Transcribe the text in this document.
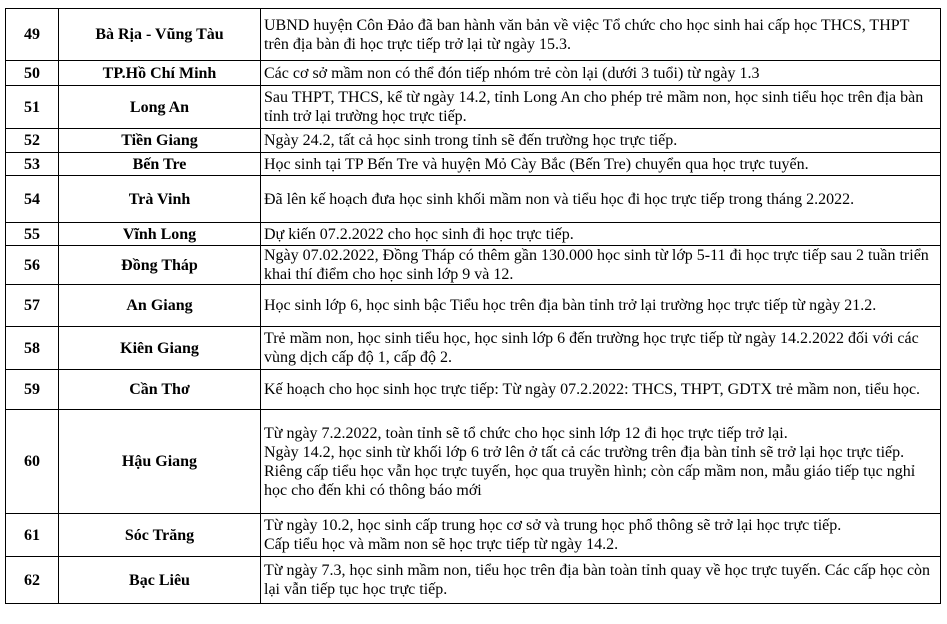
49	Bà Rịa - Vũng Tàu	UBND huyện Côn Đảo đã ban hành văn bản về việc Tổ chức cho học sinh hai cấp học THCS, THPT trên địa bàn đi học trực tiếp trở lại từ ngày 15.3.

50	TP.Hồ Chí Minh	Các cơ sở mầm non có thể đón tiếp nhóm trẻ còn lại (dưới 3 tuổi) từ ngày 1.3

51	Long An	Sau THPT, THCS, kể từ ngày 14.2, tỉnh Long An cho phép trẻ mầm non, học sinh tiểu học trên địa bàn tỉnh trở lại trường học trực tiếp.

52	Tiền Giang	Ngày 24.2, tất cả học sinh trong tỉnh sẽ đến trường học trực tiếp.

53	Bến Tre	Học sinh tại TP Bến Tre và huyện Mỏ Cày Bắc (Bến Tre) chuyển qua học trực tuyến.

54	Trà Vinh	Đã lên kế hoạch đưa học sinh khối mầm non và tiểu học đi học trực tiếp trong tháng 2.2022.

55	Vĩnh Long	Dự kiến 07.2.2022 cho học sinh đi học trực tiếp.

56	Đồng Tháp	Ngày 07.02.2022, Đồng Tháp có thêm gần 130.000 học sinh từ lớp 5-11 đi học trực tiếp sau 2 tuần triển khai thí điểm cho học sinh lớp 9 và 12.

57	An Giang	Học sinh lớp 6, học sinh bậc Tiểu học trên địa bàn tỉnh trở lại trường học trực tiếp từ ngày 21.2.

58	Kiên Giang	Trẻ mầm non, học sinh tiểu học, học sinh lớp 6 đến trường học trực tiếp từ ngày 14.2.2022 đối với các vùng dịch cấp độ 1, cấp độ 2.

59	Cần Thơ	Kế hoạch cho học sinh học trực tiếp: Từ ngày 07.2.2022: THCS, THPT, GDTX trẻ mầm non, tiểu học.

60	Hậu Giang	Từ ngày 7.2.2022, toàn tỉnh sẽ tổ chức cho học sinh lớp 12 đi học trực tiếp trở lại.
Ngày 14.2, học sinh từ khối lớp 6 trở lên ở tất cả các trường trên địa bàn tỉnh sẽ trở lại học trực tiếp.
Riêng cấp tiểu học vẫn học trực tuyến, học qua truyền hình; còn cấp mầm non, mẫu giáo tiếp tục nghỉ học cho đến khi có thông báo mới

61	Sóc Trăng	Từ ngày 10.2, học sinh cấp trung học cơ sở và trung học phổ thông sẽ trở lại học trực tiếp.
Cấp tiểu học và mầm non sẽ học trực tiếp từ ngày 14.2.

62	Bạc Liêu	Từ ngày 7.3, học sinh mầm non, tiểu học trên địa bàn toàn tỉnh quay về học trực tuyến. Các cấp học còn lại vẫn tiếp tục học trực tiếp.
